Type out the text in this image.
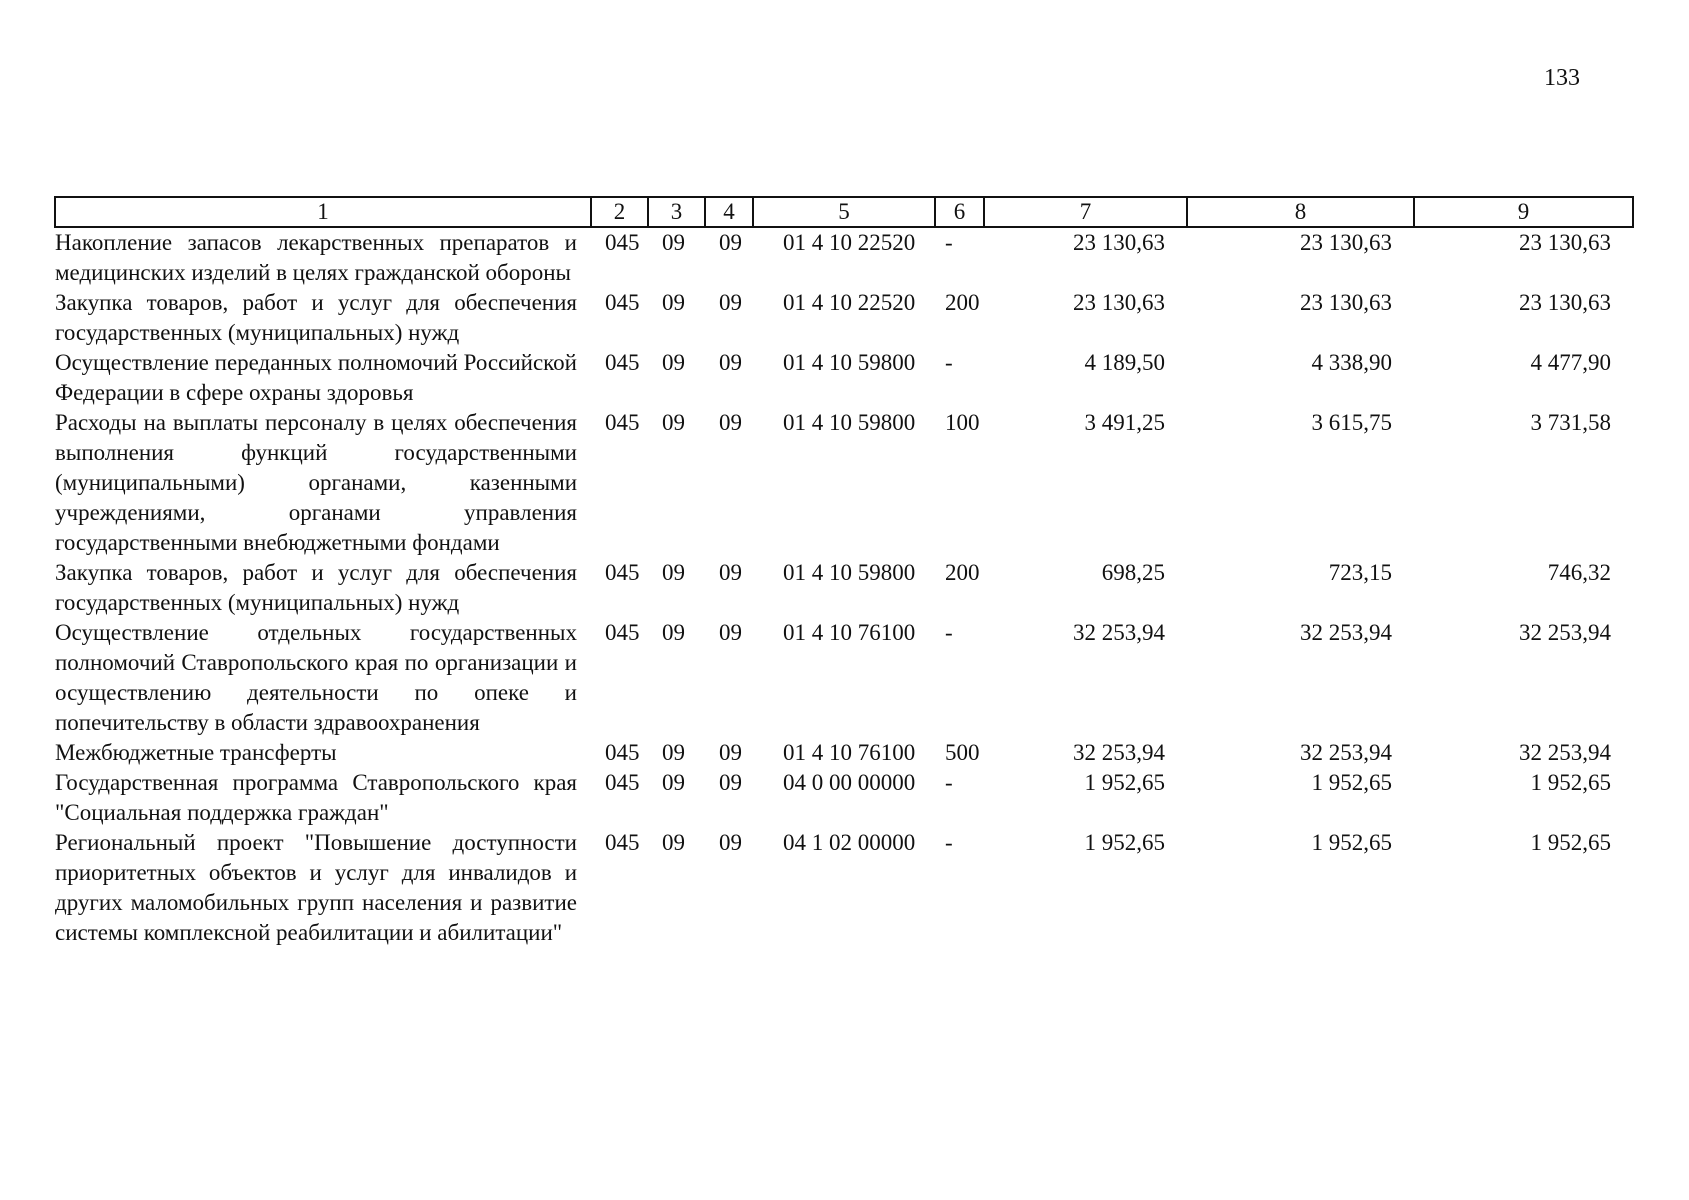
133
1	2	3	4	5	6	7	8	9
Накопление запасов лекарственных препаратов и медицинских изделий в целях гражданской обороны	045	09	09	01 4 10 22520	-	23 130,63	23 130,63	23 130,63
Закупка товаров, работ и услуг для обеспечения государственных (муниципальных) нужд	045	09	09	01 4 10 22520	200	23 130,63	23 130,63	23 130,63
Осуществление переданных полномочий Российской Федерации в сфере охраны здоровья	045	09	09	01 4 10 59800	-	4 189,50	4 338,90	4 477,90
Расходы на выплаты персоналу в целях обеспечения выполнения функций государственными (муниципальными) органами, казенными учреждениями, органами управления государственными внебюджетными фондами	045	09	09	01 4 10 59800	100	3 491,25	3 615,75	3 731,58
Закупка товаров, работ и услуг для обеспечения государственных (муниципальных) нужд	045	09	09	01 4 10 59800	200	698,25	723,15	746,32
Осуществление отдельных государственных полномочий Ставропольского края по организации и осуществлению деятельности по опеке и попечительству в области здравоохранения	045	09	09	01 4 10 76100	-	32 253,94	32 253,94	32 253,94
Межбюджетные трансферты	045	09	09	01 4 10 76100	500	32 253,94	32 253,94	32 253,94
Государственная программа Ставропольского края "Социальная поддержка граждан"	045	09	09	04 0 00 00000	-	1 952,65	1 952,65	1 952,65
Региональный проект "Повышение доступности приоритетных объектов и услуг для инвалидов и других маломобильных групп населения и развитие системы комплексной реабилитации и абилитации"	045	09	09	04 1 02 00000	-	1 952,65	1 952,65	1 952,65
